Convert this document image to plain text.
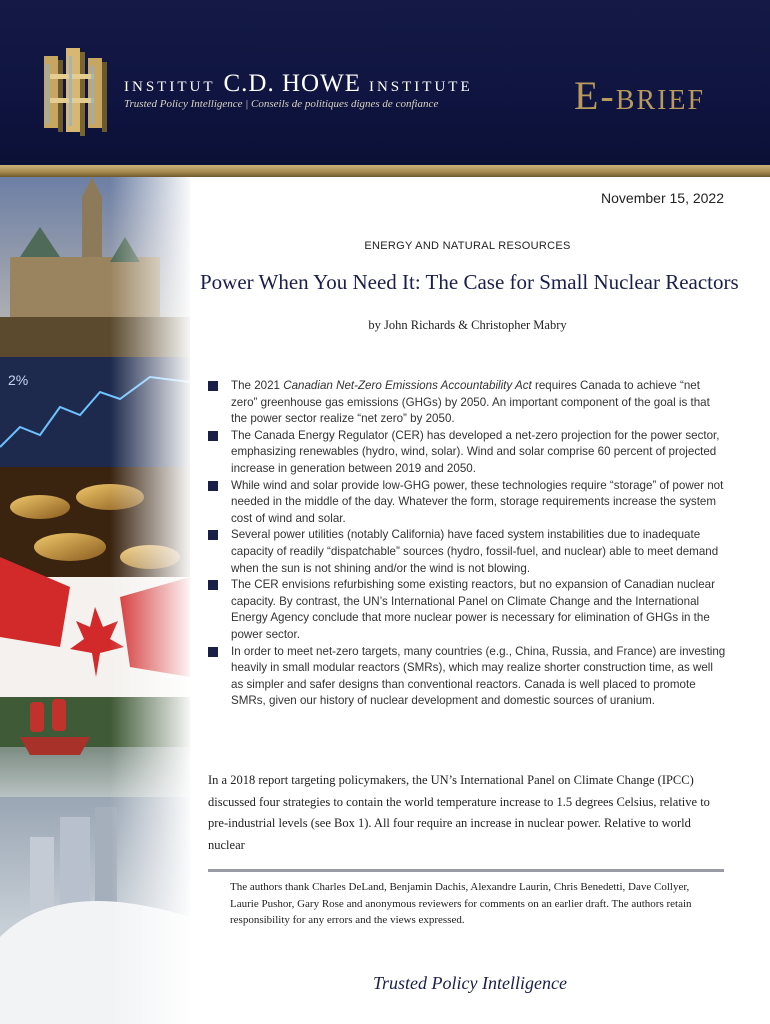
INSTITUT C.D. HOWE INSTITUTE
Trusted Policy Intelligence | Conseils de politiques dignes de confiance	E-brief
2%
November 15, 2022
ENERGY AND NATURAL RESOURCES
Power When You Need It: The Case for Small Nuclear Reactors
by John Richards & Christopher Mabry
The 2021 Canadian Net-Zero Emissions Accountability Act requires Canada to achieve “net zero” greenhouse gas emissions (GHGs) by 2050. An important component of the goal is that the power sector realize “net zero” by 2050.
The Canada Energy Regulator (CER) has developed a net-zero projection for the power sector, emphasizing renewables (hydro, wind, solar). Wind and solar comprise 60 percent of projected increase in generation between 2019 and 2050.
While wind and solar provide low-GHG power, these technologies require “storage” of power not needed in the middle of the day. Whatever the form, storage requirements increase the system cost of wind and solar.
Several power utilities (notably California) have faced system instabilities due to inadequate capacity of readily “dispatchable” sources (hydro, fossil-fuel, and nuclear) able to meet demand when the sun is not shining and/or the wind is not blowing.
The CER envisions refurbishing some existing reactors, but no expansion of Canadian nuclear capacity. By contrast, the UN’s International Panel on Climate Change and the International Energy Agency conclude that more nuclear power is necessary for elimination of GHGs in the power sector.
In order to meet net-zero targets, many countries (e.g., China, Russia, and France) are investing heavily in small modular reactors (SMRs), which may realize shorter construction time, as well as simpler and safer designs than conventional reactors. Canada is well placed to promote SMRs, given our history of nuclear development and domestic sources of uranium.

In a 2018 report targeting policymakers, the UN’s International Panel on Climate Change (IPCC) discussed four strategies to contain the world temperature increase to 1.5 degrees Celsius, relative to pre-industrial levels (see Box 1). All four require an increase in nuclear power. Relative to world nuclear

The authors thank Charles DeLand, Benjamin Dachis, Alexandre Laurin, Chris Benedetti, Dave Collyer, Laurie Pushor, Gary Rose and anonymous reviewers for comments on an earlier draft. The authors retain responsibility for any errors and the views expressed.

Trusted Policy Intelligence
